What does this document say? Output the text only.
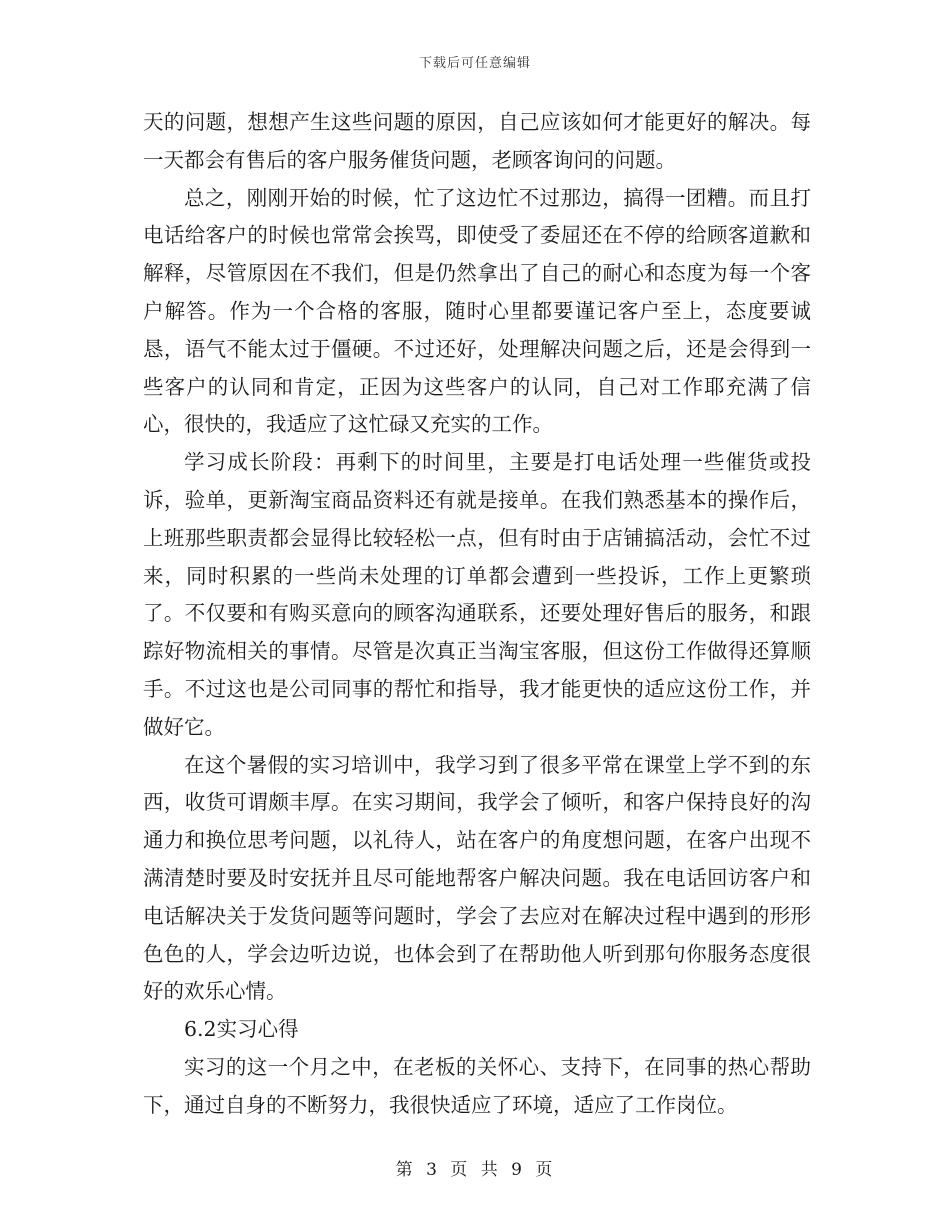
下载后可任意编辑

天的问题，想想产生这些问题的原因，自己应该如何才能更好的解决。每一天都会有售后的客户服务催货问题，老顾客询问的问题。

总之，刚刚开始的时候，忙了这边忙不过那边，搞得一团糟。而且打电话给客户的时候也常常会挨骂，即使受了委屈还在不停的给顾客道歉和解释，尽管原因在不我们，但是仍然拿出了自己的耐心和态度为每一个客户解答。作为一个合格的客服，随时心里都要谨记客户至上，态度要诚恳，语气不能太过于僵硬。不过还好，处理解决问题之后，还是会得到一些客户的认同和肯定，正因为这些客户的认同，自己对工作耶充满了信心，很快的，我适应了这忙碌又充实的工作。

学习成长阶段：再剩下的时间里，主要是打电话处理一些催货或投诉，验单，更新淘宝商品资料还有就是接单。在我们熟悉基本的操作后，上班那些职责都会显得比较轻松一点，但有时由于店铺搞活动，会忙不过来，同时积累的一些尚未处理的订单都会遭到一些投诉，工作上更繁琐了。不仅要和有购买意向的顾客沟通联系，还要处理好售后的服务，和跟踪好物流相关的事情。尽管是次真正当淘宝客服，但这份工作做得还算顺手。不过这也是公司同事的帮忙和指导，我才能更快的适应这份工作，并做好它。

在这个暑假的实习培训中，我学习到了很多平常在课堂上学不到的东西，收货可谓颇丰厚。在实习期间，我学会了倾听，和客户保持良好的沟通力和换位思考问题，以礼待人，站在客户的角度想问题，在客户出现不满清楚时要及时安抚并且尽可能地帮客户解决问题。我在电话回访客户和电话解决关于发货问题等问题时，学会了去应对在解决过程中遇到的形形色色的人，学会边听边说，也体会到了在帮助他人听到那句你服务态度很好的欢乐心情。

6.2实习心得

实习的这一个月之中，在老板的关怀心、支持下，在同事的热心帮助下，通过自身的不断努力，我很快适应了环境，适应了工作岗位。

第 3 页 共 9 页
